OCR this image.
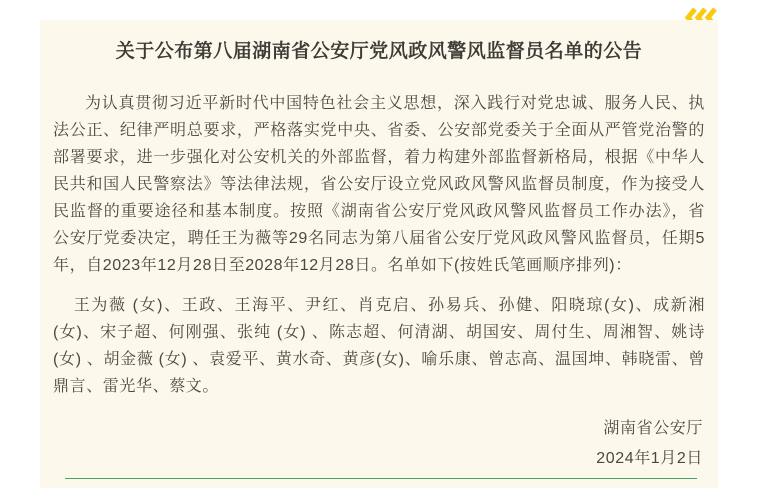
关于公布第八届湖南省公安厅党风政风警风监督员名单的公告

为认真贯彻习近平新时代中国特色社会主义思想，深入践行对党忠诚、服务人民、执法公正、纪律严明总要求，严格落实党中央、省委、公安部党委关于全面从严管党治警的部署要求，进一步强化对公安机关的外部监督，着力构建外部监督新格局，根据《中华人民共和国人民警察法》等法律法规，省公安厅设立党风政风警风监督员制度，作为接受人民监督的重要途径和基本制度。按照《湖南省公安厅党风政风警风监督员工作办法》，省公安厅党委决定，聘任王为薇等29名同志为第八届省公安厅党风政风警风监督员，任期5年，自2023年12月28日至2028年12月28日。名单如下(按姓氏笔画顺序排列)：

王为薇 (女)、王政、王海平、尹红、肖克启、孙易兵、孙健、阳晓琼(女)、成新湘(女)、宋子超、何刚强、张纯 (女) 、陈志超、何清湖、胡国安、周付生、周湘智、姚诗 (女) 、胡金薇 (女) 、袁爱平、黄水奇、黄彦(女)、喻乐康、曾志高、温国坤、韩晓雷、曾鼎言、雷光华、蔡文。

湖南省公安厅
2024年1月2日
